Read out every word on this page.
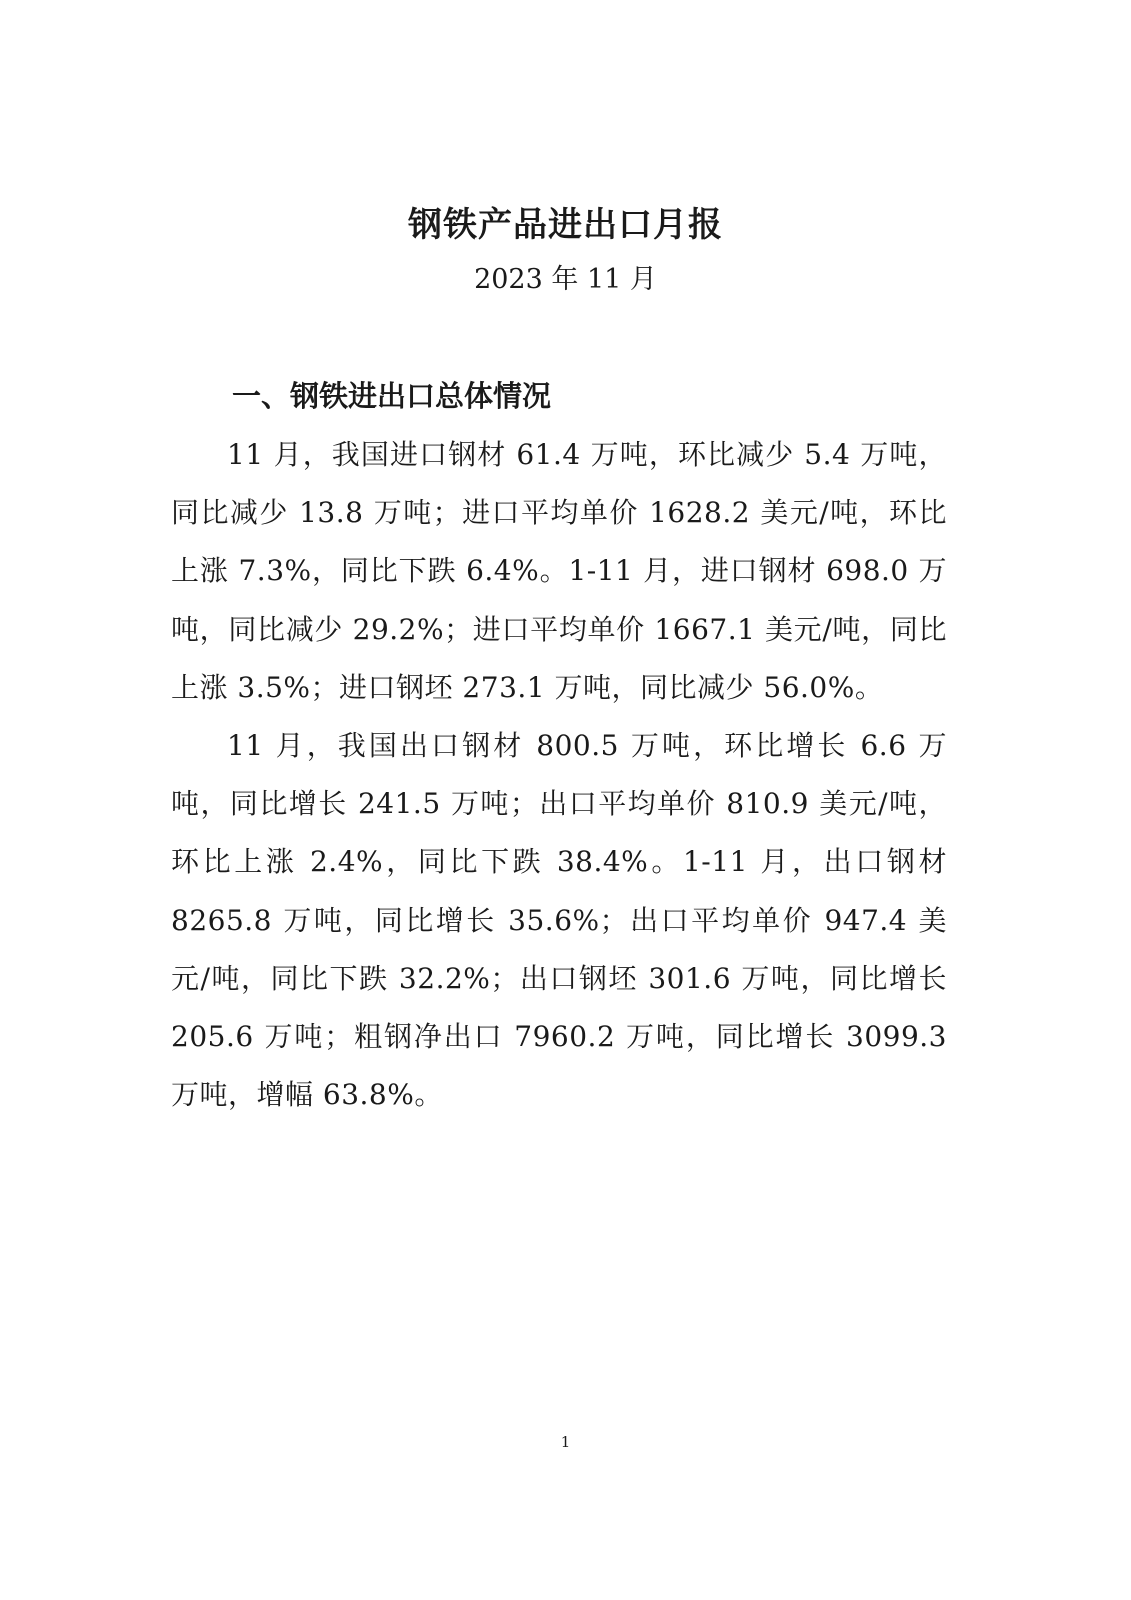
钢铁产品进出口月报
2023 年 11 月
一、钢铁进出口总体情况

11 月，我国进口钢材 61.4 万吨，环比减少 5.4 万吨，同比减少 13.8 万吨；进口平均单价 1628.2 美元/吨，环比上涨 7.3%，同比下跌 6.4%。1-11 月，进口钢材 698.0 万吨，同比减少 29.2%；进口平均单价 1667.1 美元/吨，同比上涨 3.5%；进口钢坯 273.1 万吨，同比减少 56.0%。

11 月，我国出口钢材 800.5 万吨，环比增长 6.6 万吨，同比增长 241.5 万吨；出口平均单价 810.9 美元/吨，环比上涨 2.4%，同比下跌 38.4%。1-11 月，出口钢材 8265.8 万吨，同比增长 35.6%；出口平均单价 947.4 美元/吨，同比下跌 32.2%；出口钢坯 301.6 万吨，同比增长 205.6 万吨；粗钢净出口 7960.2 万吨，同比增长 3099.3 万吨，增幅 63.8%。

1
